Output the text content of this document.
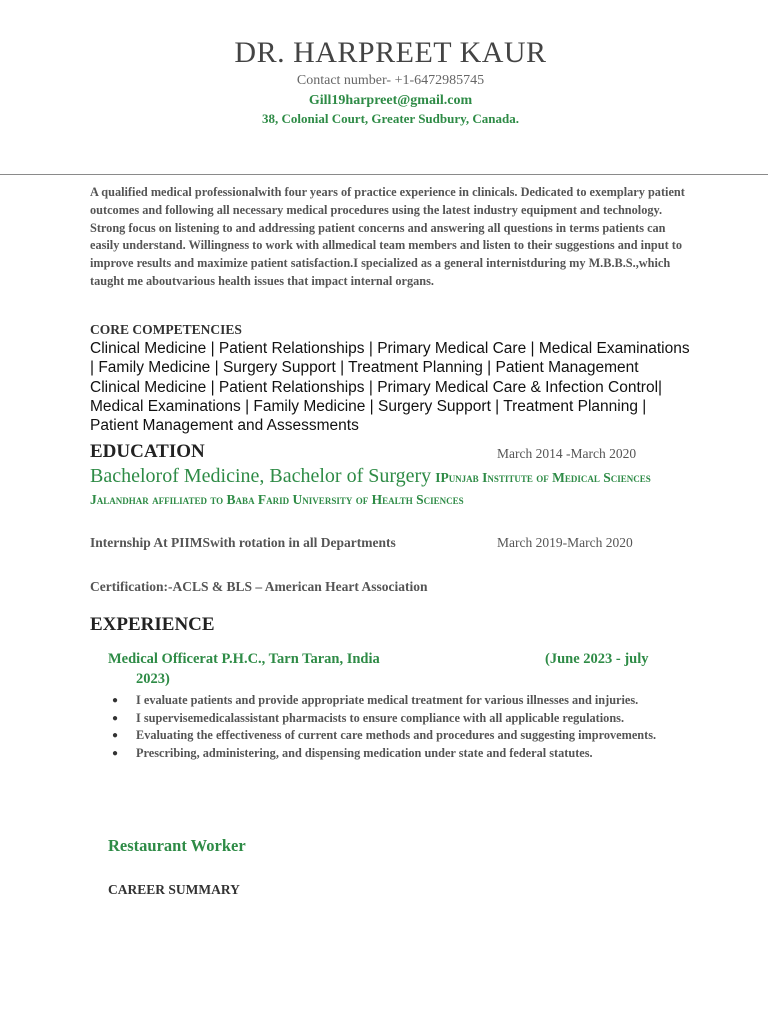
DR. HARPREET KAUR
Contact number- +1-6472985745
Gill19harpreet@gmail.com
38, Colonial Court, Greater Sudbury, Canada.
A qualified medical professionalwith four years of practice experience in clinicals. Dedicated to exemplary patient outcomes and following all necessary medical procedures using the latest industry equipment and technology. Strong focus on listening to and addressing patient concerns and answering all questions in terms patients can easily understand. Willingness to work with allmedical team members and listen to their suggestions and input to improve results and maximize patient satisfaction.I specialized as a general internistduring my M.B.B.S.,which taught me aboutvarious health issues that impact internal organs.
CORE COMPETENCIES
Clinical Medicine | Patient Relationships | Primary Medical Care | Medical Examinations | Family Medicine | Surgery Support | Treatment Planning | Patient Management Clinical Medicine | Patient Relationships | Primary Medical Care & Infection Control| Medical Examinations | Family Medicine | Surgery Support | Treatment Planning | Patient Management and Assessments
EDUCATION	March 2014 -March 2020
Bachelorof Medicine, Bachelor of Surgery IPunjab Institute of Medical Sciences Jalandhar affiliated to Baba Farid University of Health Sciences
Internship At PIIMSwith rotation in all Departments	March 2019-March 2020
Certification:-ACLS & BLS – American Heart Association
EXPERIENCE
Medical Officerat P.H.C., Tarn Taran, India	(June 2023 - july
2023)
● I evaluate patients and provide appropriate medical treatment for various illnesses and injuries.
● I supervisemedicalassistant pharmacists to ensure compliance with all applicable regulations.
● Evaluating the effectiveness of current care methods and procedures and suggesting improvements.
● Prescribing, administering, and dispensing medication under state and federal statutes.
Restaurant Worker
CAREER SUMMARY
